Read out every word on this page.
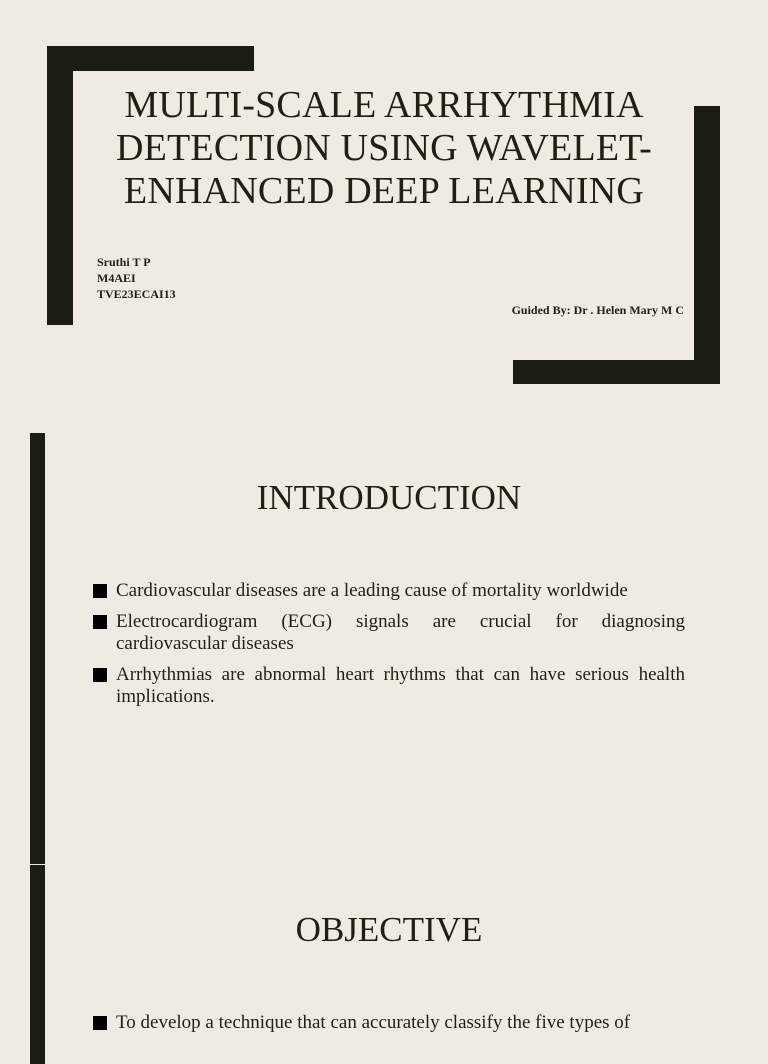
MULTI-SCALE ARRHYTHMIA DETECTION USING WAVELET-ENHANCED DEEP LEARNING
Sruthi T P
M4AEI
TVE23ECAI13
Guided By: Dr . Helen Mary M C
INTRODUCTION
Cardiovascular diseases are a leading cause of mortality worldwide
Electrocardiogram (ECG) signals are crucial for diagnosing cardiovascular diseases
Arrhythmias are abnormal heart rhythms that can have serious health implications.
OBJECTIVE
To develop a technique that can accurately classify the five types of
